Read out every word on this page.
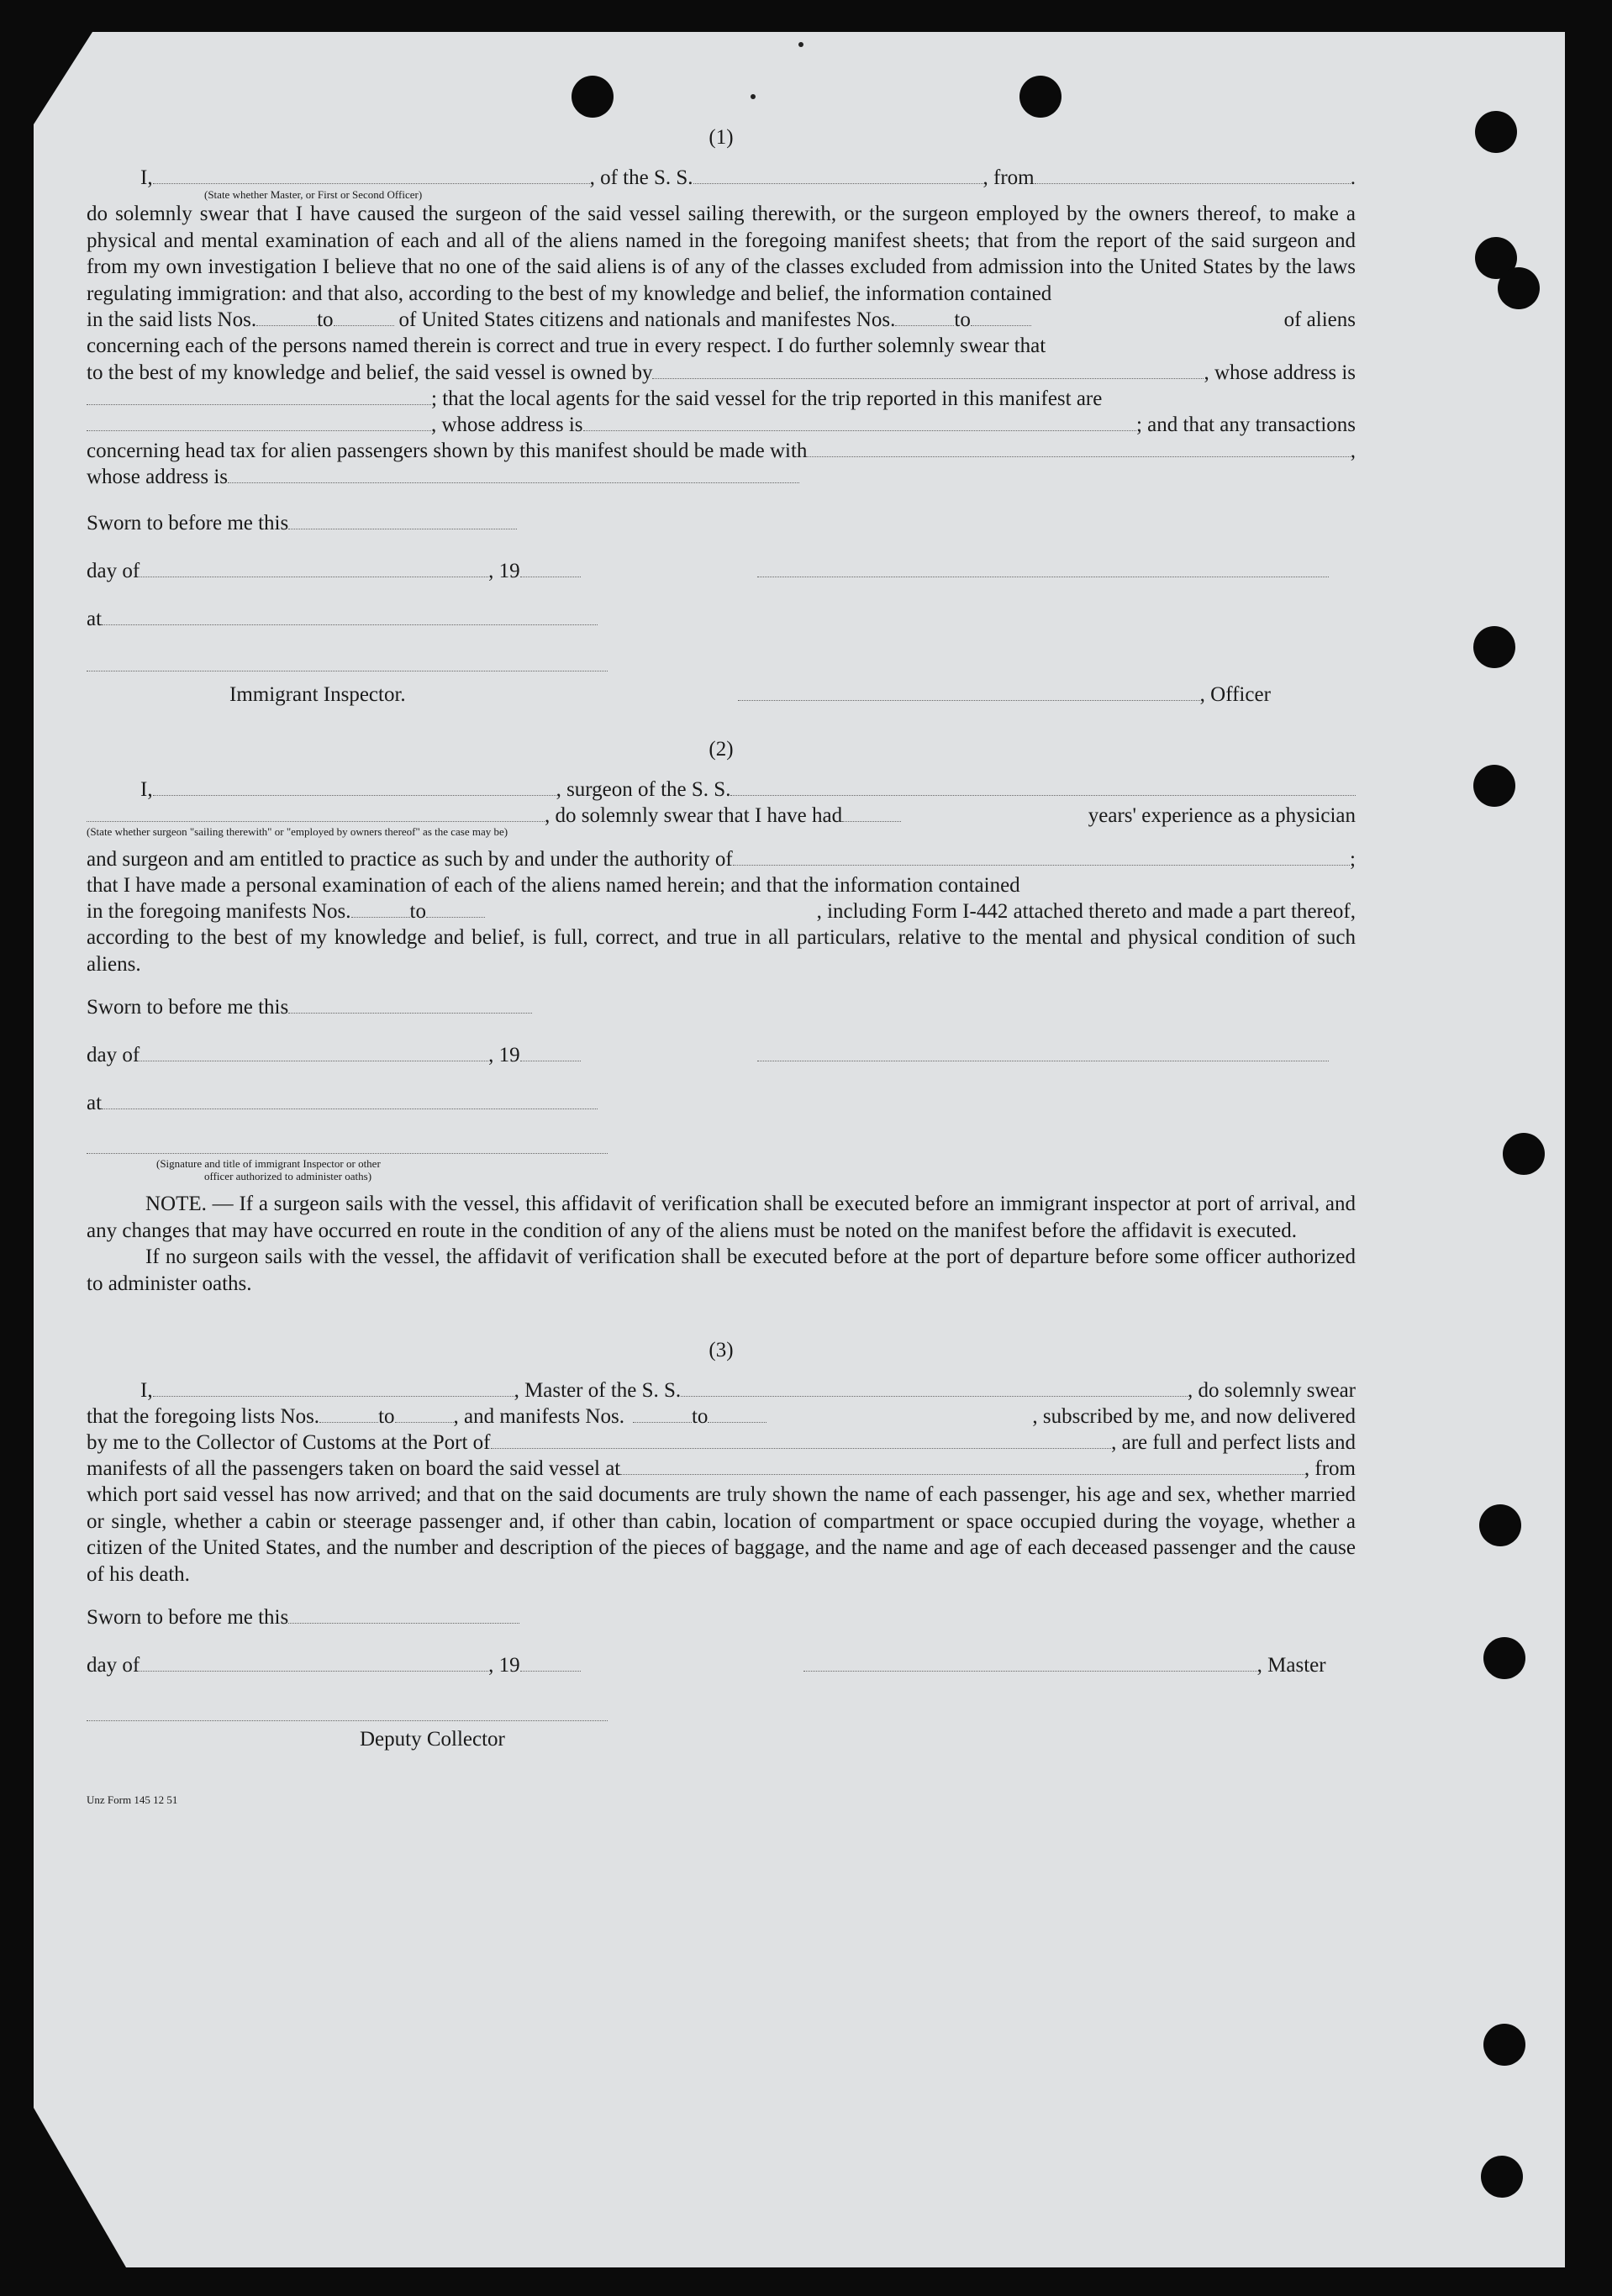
(1)
I,	, of the S. S.	, from	.
(State whether Master, or First or Second Officer)

do solemnly swear that I have caused the surgeon of the said vessel sailing therewith, or the surgeon employed by the owners thereof, to make a physical and mental examination of each and all of the aliens named in the foregoing manifest sheets; that from the report of the said surgeon and from my own investigation I believe that no one of the said aliens is of any of the classes excluded from admission into the United States by the laws regulating immigration: and that also, according to the best of my knowledge and belief, the information contained

in the said lists Nos.	to	of United States citizens and nationals and manifestes Nos.	to	of aliens

concerning each of the persons named therein is correct and true in every respect. I do further solemnly swear that

to the best of my knowledge and belief, the said vessel is owned by	, whose address is
; that the local agents for the said vessel for the trip reported in this manifest are
, whose address is	; and that any transactions
concerning head tax for alien passengers shown by this manifest should be made with	,
whose address is
Sworn to before me this
day of	, 19
at
Immigrant Inspector.	, Officer
(2)
I,	, surgeon of the S. S.
, do solemnly swear that I have had	years' experience as a physician
(State whether surgeon "sailing therewith" or "employed by owners thereof" as the case may be)
and surgeon and am entitled to practice as such by and under the authority of	;

that I have made a personal examination of each of the aliens named herein; and that the information contained

in the foregoing manifests Nos.	to	, including Form I-442 attached thereto and made a part thereof,

according to the best of my knowledge and belief, is full, correct, and true in all particulars, relative to the mental and physical condition of such aliens.

Sworn to before me this
day of	, 19
at
(Signature and title of immigrant Inspector or other
officer authorized to administer oaths)

NOTE. — If a surgeon sails with the vessel, this affidavit of verification shall be executed before an immigrant inspector at port of arrival, and any changes that may have occurred en route in the condition of any of the aliens must be noted on the manifest before the affidavit is executed.

If no surgeon sails with the vessel, the affidavit of verification shall be executed before at the port of departure before some officer authorized to administer oaths.

(3)
I,	, Master of the S. S.	, do solemnly swear
that the foregoing lists Nos.	to	, and manifests Nos.	to	, subscribed by me, and now delivered
by me to the Collector of Customs at the Port of	, are full and perfect lists and
manifests of all the passengers taken on board the said vessel at	, from

which port said vessel has now arrived; and that on the said documents are truly shown the name of each passenger, his age and sex, whether married or single, whether a cabin or steerage passenger and, if other than cabin, location of compartment or space occupied during the voyage, whether a citizen of the United States, and the number and description of the pieces of baggage, and the name and age of each deceased passenger and the cause of his death.

Sworn to before me this
day of	, 19	, Master
Deputy Collector
Unz Form 145 12 51
